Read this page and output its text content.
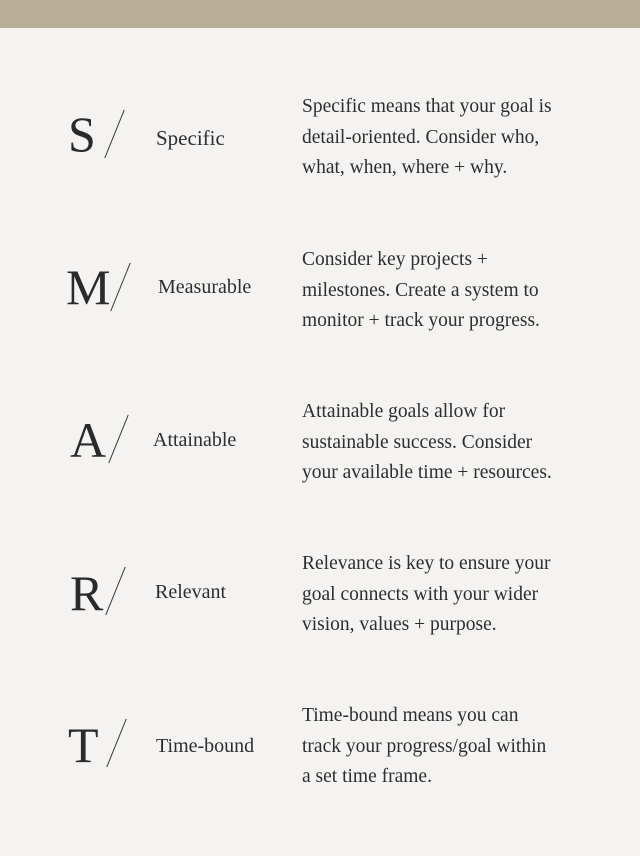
S	Specific
Specific means that your goal is
detail-oriented. Consider who,
what, when, where + why.
M Measurable
Consider key projects +
milestones. Create a system to
monitor + track your progress.
A Attainable
Attainable goals allow for
sustainable success. Consider
your available time + resources.
R	Relevant
Relevance is key to ensure your
goal connects with your wider
vision, values + purpose.
T	Time-bound
Time-bound means you can
track your progress/goal within
a set time frame.
